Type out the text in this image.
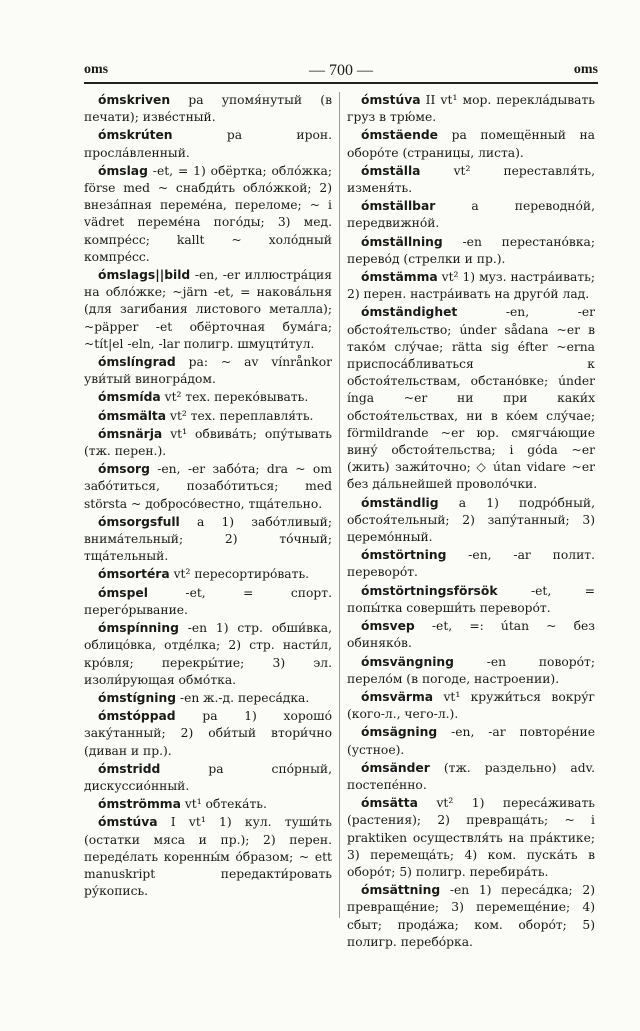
oms	— 700 —	oms

ómskriven pa упомя́нутый (в печати); изве́стный.

ómskrúten pa ирон. просла́вленный.

ómslag -et, = 1) обёртка; обло́жка; förse med ~ снабди́ть обло́жкой; 2) внеза́пная переме́на, переломе; ~ i vädret переме́на пого́ды; 3) мед. компре́сс; kallt ~ холо́дный компре́сс.

ómslags||bild -en, -er иллюстра́ция на обло́жке; ~järn -et, = накова́льня (для загибания листового металла); ~päpper -et обёрточная бума́га; ~tít|el -eln, -lar полигр. шмуцти́тул.

ómslíngrad pa: ~ av vínrånkor уви́тый виногра́дом.

ómsmída vt² тех. перекóвывать.

ómsmälta vt² тех. переплавля́ть.

ómsnärja vt¹ обвива́ть; опу́тывать (тж. перен.).

ómsorg -en, -er забо́та; dra ~ om забо́титься, позабо́титься; med största ~ добросо́вестно, тща́тельно.

ómsorgsfull a 1) забо́тливый; внима́тельный; 2) то́чный; тща́тельный.

ómsortéra vt² пересортиро́вать.

ómspel -et, = спорт. перего́рывание.

ómspínning -en 1) стр. обши́вка, облицо́вка, отде́лка; 2) стр. насти́л, кро́вля; перекры́тие; 3) эл. изоли́рующая обмо́тка.

ómstígning -en ж.-д. переса́дка.

ómstóppad pa 1) хорошо́ заку́танный; 2) оби́тый втори́чно (диван и пр.).

ómstridd pa спо́рный, дискуссио́нный.

ómströmma vt¹ обтека́ть.

ómstúva I vt¹ 1) кул. туши́ть (остатки мяса и пр.); 2) перен. переде́лать коренны́м о́бразом; ~ ett manuskript передакти́ровать ру́копись.

ómstúva II vt¹ мор. перекла́дывать груз в трю́ме.

ómstäende pa помещённый на оборо́те (страницы, листа).

ómställa vt² переставля́ть, изменя́ть.

ómställbar a переводно́й, передвижно́й.

ómställning -en перестано́вка; перево́д (стрелки и пр.).

ómstämma vt² 1) муз. настра́ивать; 2) перен. настра́ивать на друго́й лад.

ómständighet -en, -er обстоя́тельство; únder sådana ~er в тако́м слу́чае; rätta sig éfter ~erna приспоса́бливаться к обстоя́тельствам, обстано́вке; únder ínga ~er ни при каки́х обстоя́тельствах, ни в ко́ем слу́чае; förmildrande ~er юр. смягча́ющие вину́ обстоя́тельства; i góda ~er (жить) зажи́точно; ◇ útan vidare ~er без да́льнейшей проволо́чки.

ómständlig a 1) подро́бный, обстоя́тельный; 2) запу́танный; 3) церемо́нный.

ómstörtning -en, -ar полит. переворо́т.

ómstörtningsförsök -et, = попы́тка соверши́ть переворо́т.

ómsvep -et, =: útan ~ без обиняко́в.

ómsvängning -en поворо́т; перело́м (в погоде, настроении).

ómsvärma vt¹ кружи́ться вокру́г (кого-л., чего-л.).

ómsägning -en, -ar повторе́ние (устное).

ómsänder (тж. раздельно) adv. постепе́нно.

ómsätta vt² 1) переса́живать (растения); 2) превраща́ть; ~ i praktiken осуществля́ть на пра́ктике; 3) перемеща́ть; 4) ком. пуска́ть в оборо́т; 5) полигр. перебира́ть.

ómsättning -en 1) переса́дка; 2) превраще́ние; 3) перемеще́ние; 4) сбыт; прода́жа; ком. оборо́т; 5) полигр. перебо́рка.
